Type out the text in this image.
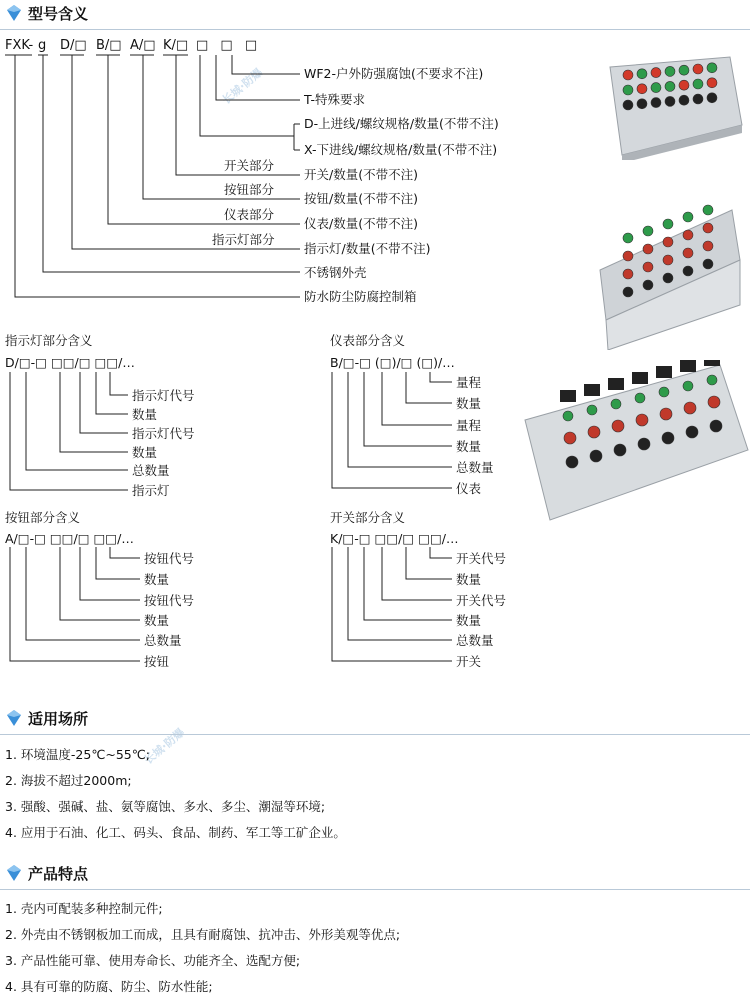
型号含义
长城·防爆
长城·防爆
FXK- g D/□ B/□ A/□ K/□ □ □ □
WF2-户外防强腐蚀(不要求不注)
T-特殊要求
D-上进线/螺纹规格/数量(不带不注)
X-下进线/螺纹规格/数量(不带不注)
开关/数量(不带不注)
按钮/数量(不带不注)
仪表/数量(不带不注)
指示灯/数量(不带不注)
不锈钢外壳
防水防尘防腐控制箱
开关部分
按钮部分
仪表部分
指示灯部分
指示灯部分含义
D/□-□ □□/□ □□/…
指示灯代号
数量
指示灯代号
数量
总数量
指示灯
仪表部分含义
B/□-□ (□)/□ (□)/…
量程
数量
量程
数量
总数量
仪表
按钮部分含义
A/□-□ □□/□ □□/…
按钮代号
数量
按钮代号
数量
总数量
按钮
开关部分含义
K/□-□ □□/□ □□/…
开关代号
数量
开关代号
数量
总数量
开关
适用场所
1. 环境温度-25℃~55℃;
2. 海拔不超过2000m;
3. 强酸、强碱、盐、氨等腐蚀、多水、多尘、潮湿等环境;
4. 应用于石油、化工、码头、食品、制药、军工等工矿企业。
产品特点
1. 壳内可配装多种控制元件;
2. 外壳由不锈钢板加工而成，且具有耐腐蚀、抗冲击、外形美观等优点;
3. 产品性能可靠、使用寿命长、功能齐全、选配方便;
4. 具有可靠的防腐、防尘、防水性能;
